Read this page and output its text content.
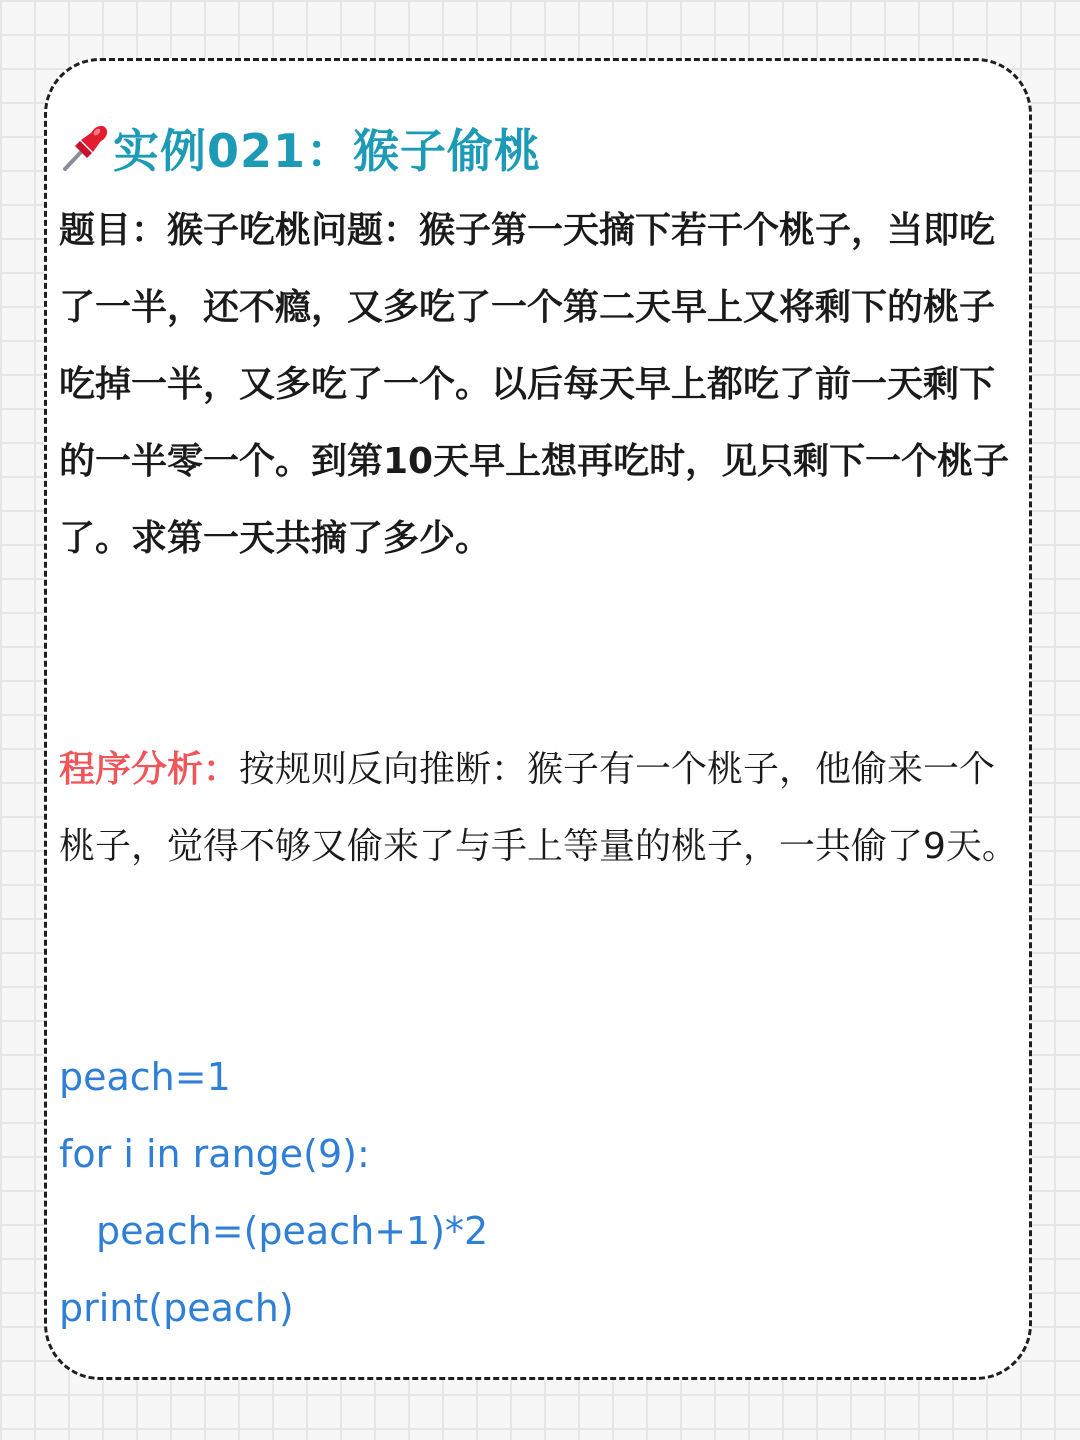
实例021：猴子偷桃

题目：猴子吃桃问题：猴子第一天摘下若干个桃子，当即吃了一半，还不瘾，又多吃了一个第二天早上又将剩下的桃子吃掉一半，又多吃了一个。以后每天早上都吃了前一天剩下的一半零一个。到第10天早上想再吃时，见只剩下一个桃子了。求第一天共摘了多少。

程序分析：按规则反向推断：猴子有一个桃子，他偷来一个桃子，觉得不够又偷来了与手上等量的桃子，一共偷了9天。

peach=1
for i in range(9):
peach=(peach+1)*2
print(peach)
